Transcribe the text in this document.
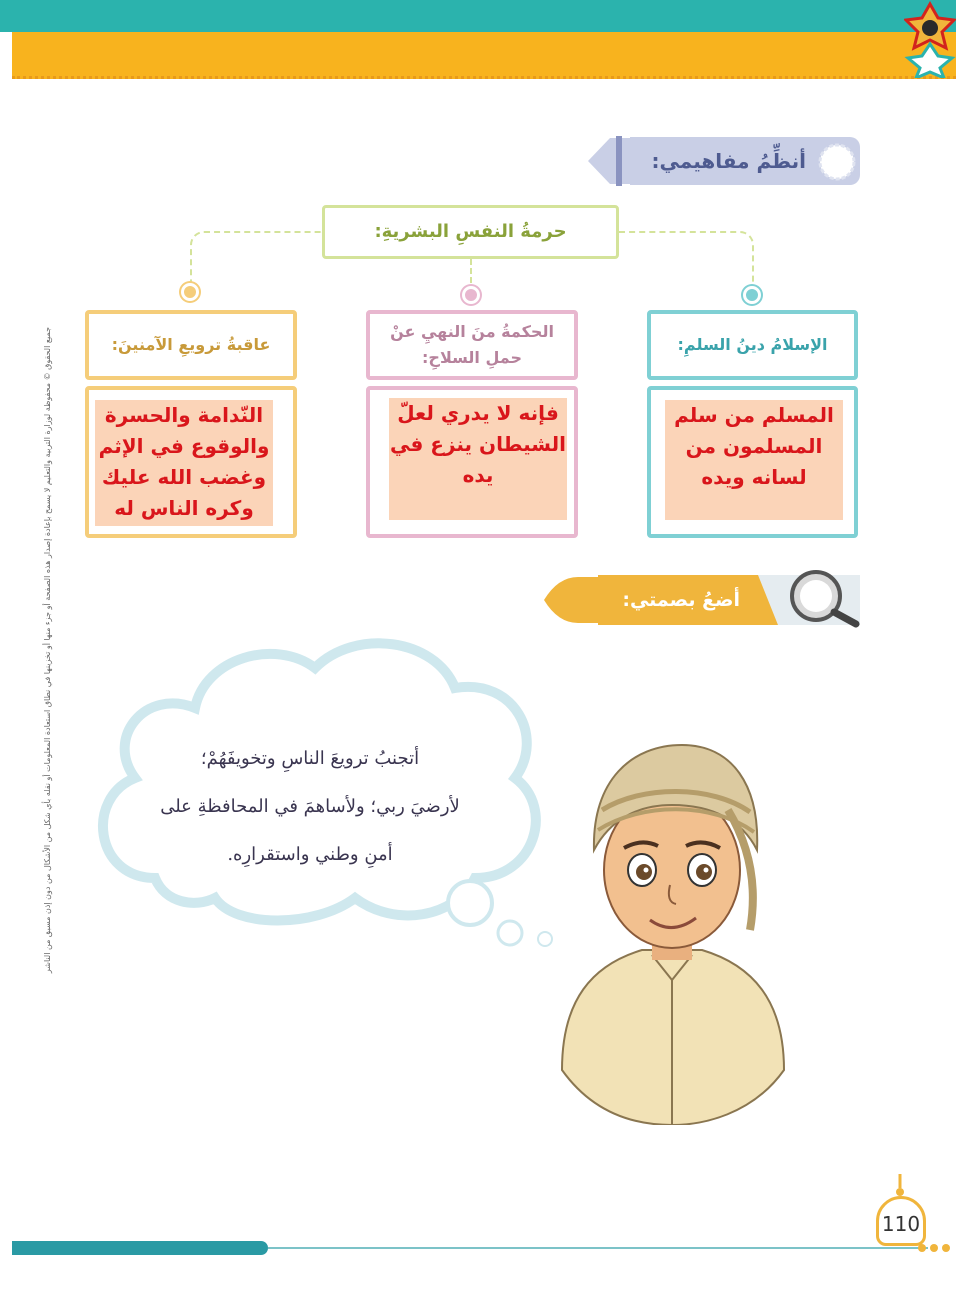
جميع الحقوق © محفوظة لوزارة التربية والتعليم لا يسمح بإعادة إصدار هذه الصفحة أو جزء منها أو تخزينها في نطاق استعادة المعلومات أو نقله بأي شكل من الأشكال من دون إذن مسبق من الناشر
أنظِّمُ مفاهيمي:
حرمةُ النفسِ البشريةِ:
الإسلامُ دينُ السلمِ:
الحكمةُ منَ النهيِ عنْ حملِ السلاحِ:
عاقبةُ ترويعِ الآمنينَ:
المسلم من سلم المسلمون من لسانه ويده
فإنه لا يدري لعلّ الشيطان ينزع في يده
النّدامة والحسرة والوقوع في الإثم وغضب الله عليك وكره الناس له
أضعُ بصمتي:
أتجنبُ ترويعَ الناسِ وتخويفَهُمْ؛
لأرضيَ ربي؛ ولأساهمَ في المحافظةِ على
أمنِ وطني واستقرارِه.
110
